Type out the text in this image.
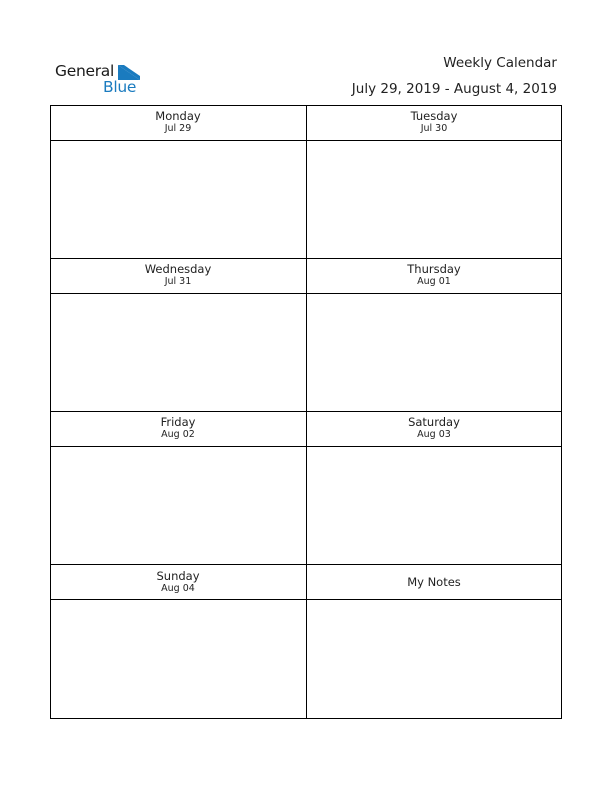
General
Blue
Weekly Calendar
July 29, 2019 - August 4, 2019
Monday
Jul 29
Tuesday
Jul 30
Wednesday
Jul 31
Thursday
Aug 01
Friday
Aug 02
Saturday
Aug 03
Sunday
Aug 04	My Notes
